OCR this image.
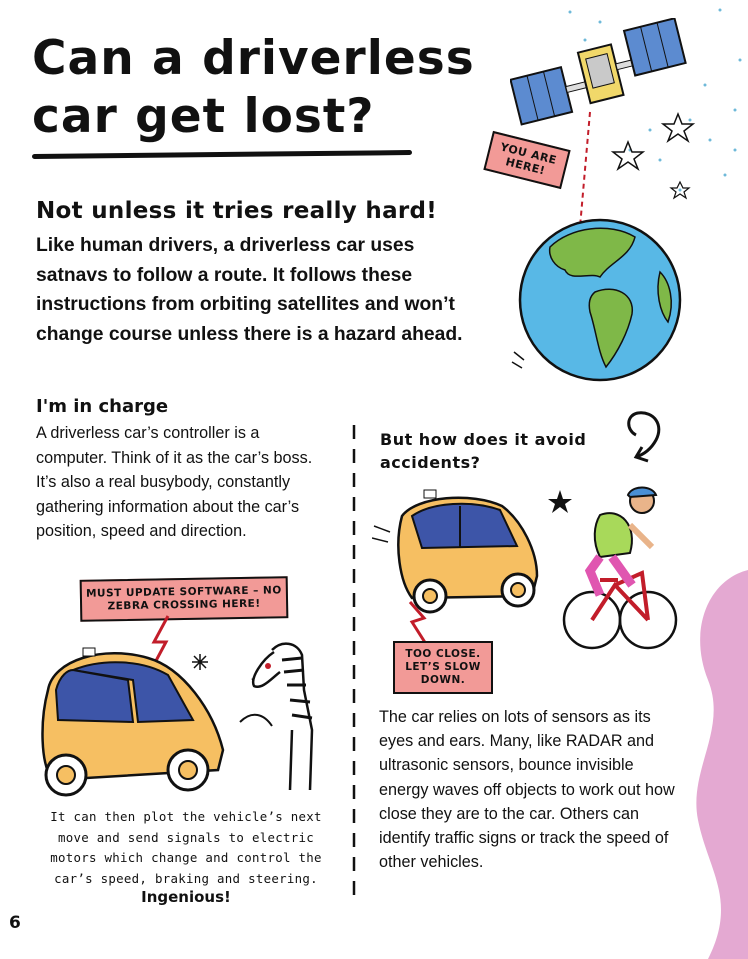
Can a driverless car get lost?
YOU ARE HERE!
Not unless it tries really hard!
Like human drivers, a driverless car uses satnavs to follow a route. It follows these instructions from orbiting satellites and won’t change course unless there is a hazard ahead.
I'm in charge
A driverless car’s controller is a computer. Think of it as the car’s boss. It’s also a real busybody, constantly gathering information about the car’s position, speed and direction.
But how does it avoid accidents?
MUST UPDATE SOFTWARE – NO ZEBRA CROSSING HERE!
TOO CLOSE. LET’S SLOW DOWN.
The car relies on lots of sensors as its eyes and ears. Many, like RADAR and ultrasonic sensors, bounce invisible energy waves off objects to work out how close they are to the car. Others can identify traffic signs or track the speed of other vehicles.
It can then plot the vehicle’s next move and send signals to electric motors which change and control the car’s speed, braking and steering.
Ingenious!
6
